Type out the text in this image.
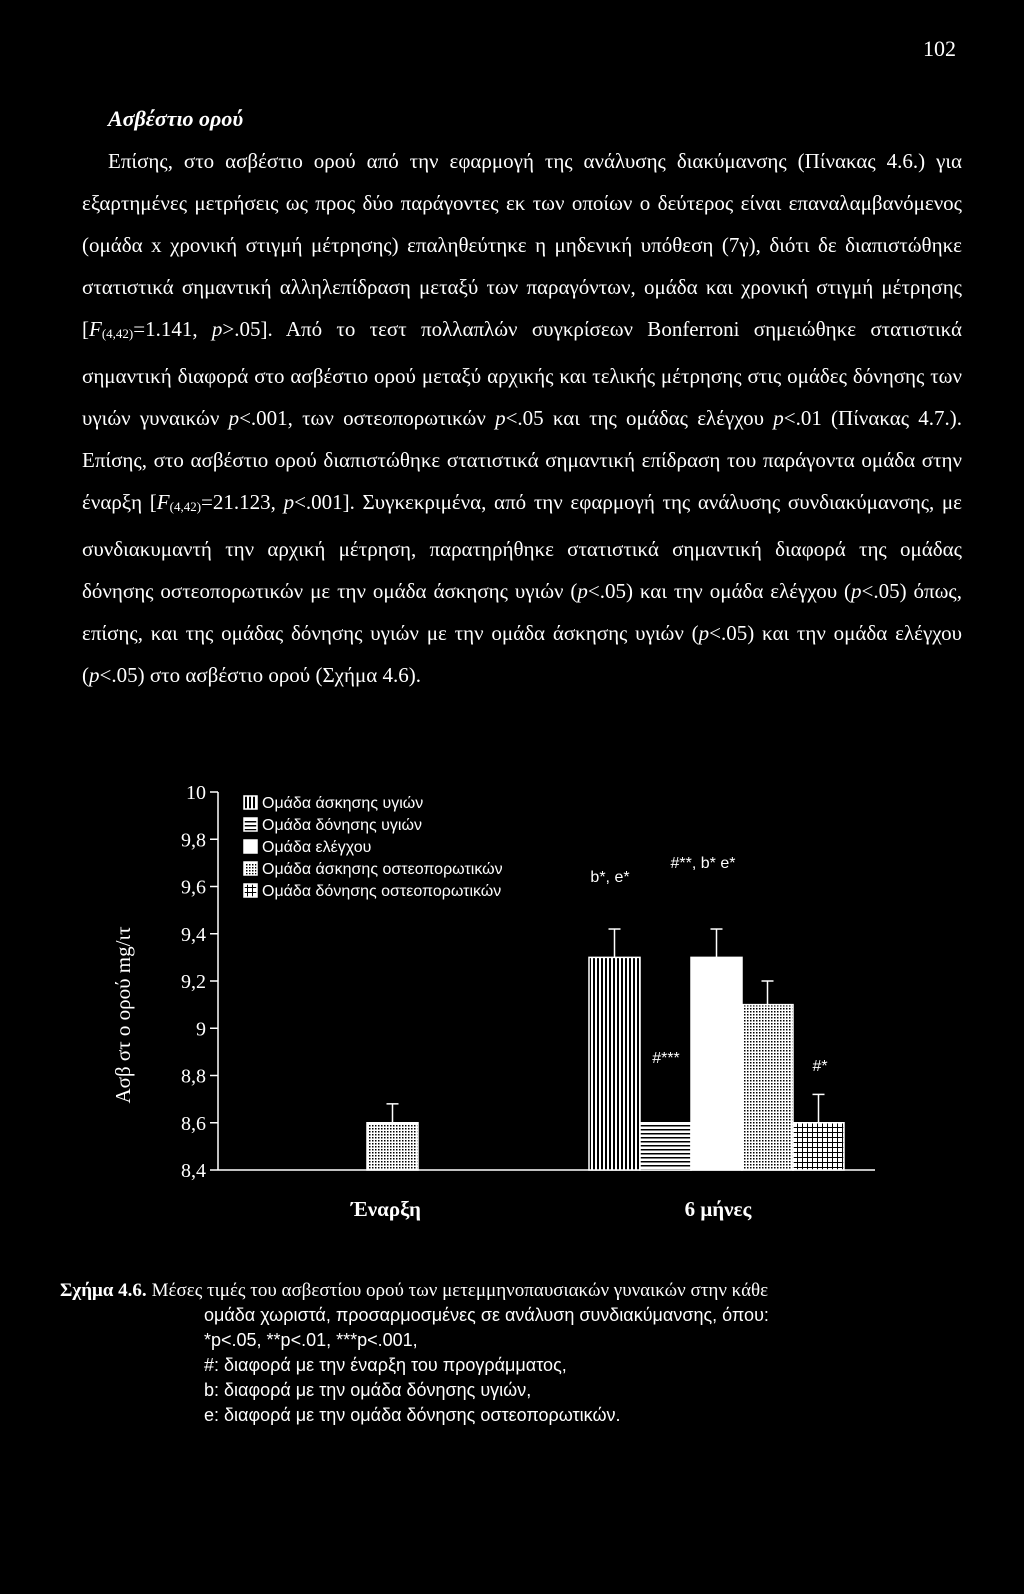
102
Ασβέστιο ορού

Επίσης, στο ασβέστιο ορού από την εφαρμογή της ανάλυσης διακύμανσης (Πίνακας 4.6.) για εξαρτημένες μετρήσεις ως προς δύο παράγοντες εκ των οποίων ο δεύτερος είναι επαναλαμβανόμενος (ομάδα x χρονική στιγμή μέτρησης) επαληθεύτηκε η μηδενική υπόθεση (7γ), διότι δε διαπιστώθηκε στατιστικά σημαντική αλληλεπίδραση μεταξύ των παραγόντων, ομάδα και χρονική στιγμή μέτρησης [$F_{(4,42)}=1.141$, p>.05]. Από το τεστ πολλαπλών συγκρίσεων Bonferroni σημειώθηκε στατιστικά σημαντική διαφορά στο ασβέστιο ορού μεταξύ αρχικής και τελικής μέτρησης στις ομάδες δόνησης των υγιών γυναικών p<.001, των οστεοπορωτικών p<.05 και της ομάδας ελέγχου p<.01 (Πίνακας 4.7.). Επίσης, στο ασβέστιο ορού διαπιστώθηκε στατιστικά σημαντική επίδραση του παράγοντα ομάδα στην έναρξη [$F_{(4,42)}=21.123$, p<.001]. Συγκεκριμένα, από την εφαρμογή της ανάλυσης συνδιακύμανσης, με συνδιακυμαντή την αρχική μέτρηση, παρατηρήθηκε στατιστικά σημαντική διαφορά της ομάδας δόνησης οστεοπορωτικών με την ομάδα άσκησης υγιών (p<.05) και την ομάδα ελέγχου (p<.05) όπως, επίσης, και της ομάδας δόνησης υγιών με την ομάδα άσκησης υγιών (p<.05) και την ομάδα ελέγχου (p<.05) στο ασβέστιο ορού (Σχήμα 4.6).

10
9,8
9,6
9,4
9,2
9
8,8
8,6
8,4
b*, e*
#***
#**, b* e*
#*
Ομάδα άσκησης υγιών
Ομάδα δόνησης υγιών
Ομάδα ελέγχου
Ομάδα άσκησης οστεοπορωτικών
Ομάδα δόνησης οστεοπορωτικών
Έναρξη	6 μήνες
Ασβ στ ο ορού mg/ιτ
Σχήμα 4.6. Μέσες τιμές του ασβεστίου ορού των μετεμμηνοπαυσιακών γυναικών στην κάθε
ομάδα χωριστά, προσαρμοσμένες σε ανάλυση συνδιακύμανσης, όπου:
*p<.05, **p<.01, ***p<.001,
#: διαφορά με την έναρξη του προγράμματος,
b: διαφορά με την ομάδα δόνησης υγιών,
e: διαφορά με την ομάδα δόνησης οστεοπορωτικών.
